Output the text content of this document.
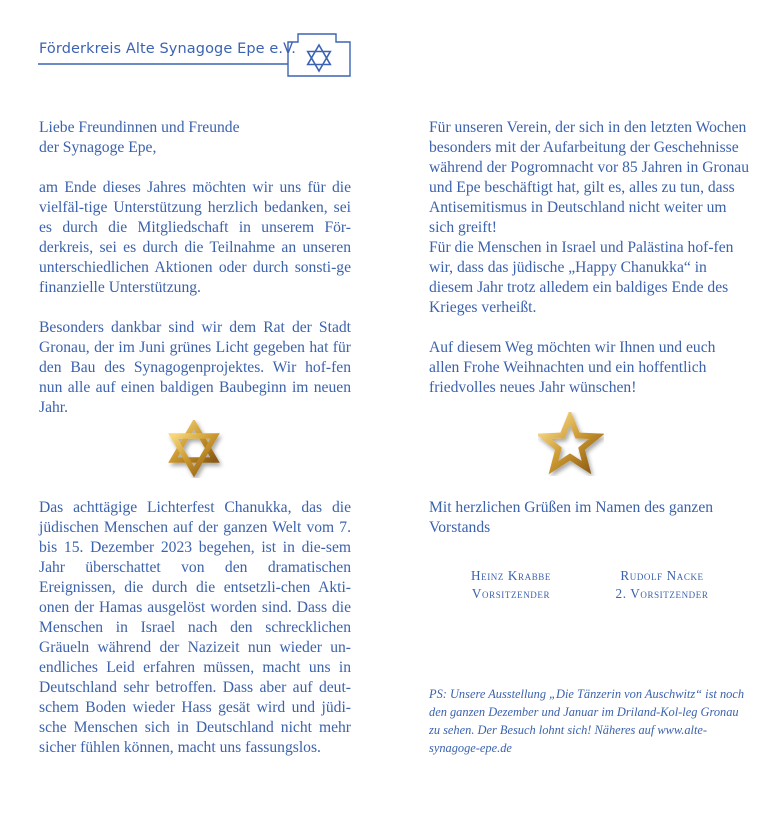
Förderkreis Alte Synagoge Epe e.V.

Liebe Freundinnen und Freunde

der Synagoge Epe,

am Ende dieses Jahres möchten wir uns für die vielfäl-tige Unterstützung herzlich bedanken, sei es durch die Mitgliedschaft in unserem För-derkreis, sei es durch die Teilnahme an unseren unterschiedlichen Aktionen oder durch sonsti-ge finanzielle Unterstützung.

Besonders dankbar sind wir dem Rat der Stadt Gronau, der im Juni grünes Licht gegeben hat für den Bau des Synagogenprojektes. Wir hof-fen nun alle auf einen baldigen Baubeginn im neuen Jahr.

Das achttägige Lichterfest Chanukka, das die jüdischen Menschen auf der ganzen Welt vom 7. bis 15. Dezember 2023 begehen, ist in die-sem Jahr überschattet von den dramatischen Ereignissen, die durch die entsetzli-chen Akti-onen der Hamas ausgelöst worden sind. Dass die Menschen in Israel nach den schrecklichen Gräueln während der Nazizeit nun wieder un-endliches Leid erfahren müssen, macht uns in Deutschland sehr betroffen. Dass aber auf deut-schem Boden wieder Hass gesät wird und jüdi-sche Menschen sich in Deutschland nicht mehr sicher fühlen können, macht uns fassungslos.

Für unseren Verein, der sich in den letzten Wochen besonders mit der Aufarbeitung der Geschehnisse während der Pogromnacht vor 85 Jahren in Gronau und Epe beschäftigt hat, gilt es, alles zu tun, dass Antisemitismus in Deutschland nicht weiter um sich greift!

Für die Menschen in Israel und Palästina hof-fen wir, dass das jüdische „Happy Chanukka“ in diesem Jahr trotz alledem ein baldiges Ende des Krieges verheißt.

Auf diesem Weg möchten wir Ihnen und euch allen Frohe Weihnachten und ein hoffentlich friedvolles neues Jahr wünschen!

Mit herzlichen Grüßen im Namen des ganzen Vorstands

Heinz Krabbe
Vorsitzender
Rudolf Nacke
2. Vorsitzender
PS: Unsere Ausstellung „Die Tänzerin von Auschwitz“ ist noch den ganzen Dezember und Januar im Driland-Kol-leg Gronau zu sehen. Der Besuch lohnt sich! Näheres auf www.alte-synagoge-epe.de
